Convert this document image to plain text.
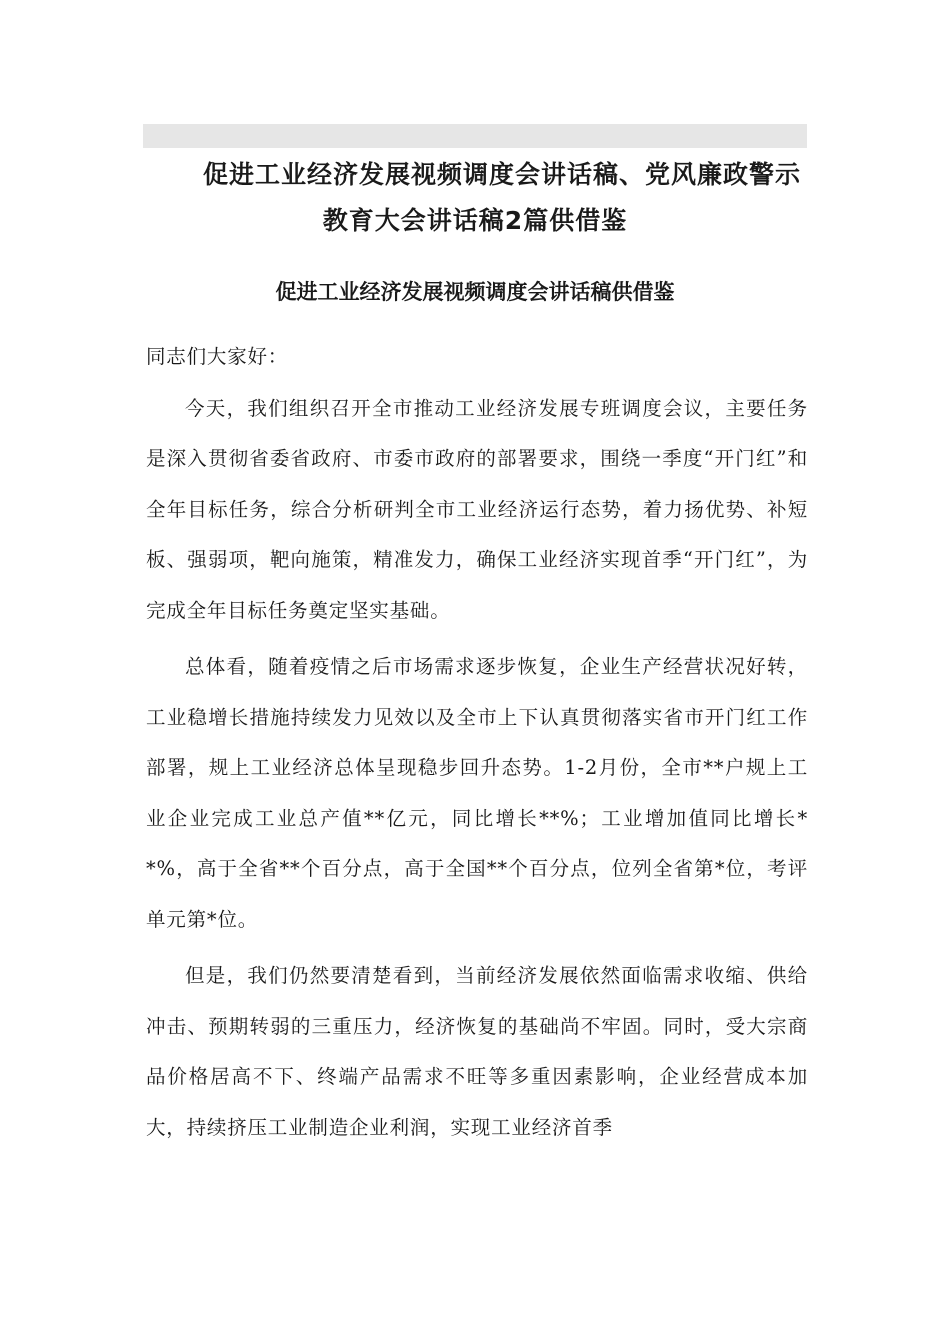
促进工业经济发展视频调度会讲话稿、党风廉政警示
教育大会讲话稿2篇供借鉴
促进工业经济发展视频调度会讲话稿供借鉴

同志们大家好：

今天，我们组织召开全市推动工业经济发展专班调度会议，主要任务是深入贯彻省委省政府、市委市政府的部署要求，围绕一季度“开门红”和全年目标任务，综合分析研判全市工业经济运行态势，着力扬优势、补短板、强弱项，靶向施策，精准发力，确保工业经济实现首季“开门红”，为完成全年目标任务奠定坚实基础。

总体看，随着疫情之后市场需求逐步恢复，企业生产经营状况好转，工业稳增长措施持续发力见效以及全市上下认真贯彻落实省市开门红工作部署，规上工业经济总体呈现稳步回升态势。1-2月份，全市**户规上工业企业完成工业总产值**亿元，同比增长**%；工业增加值同比增长**%，高于全省**个百分点，高于全国**个百分点，位列全省第*位，考评单元第*位。

但是，我们仍然要清楚看到，当前经济发展依然面临需求收缩、供给冲击、预期转弱的三重压力，经济恢复的基础尚不牢固。同时，受大宗商品价格居高不下、终端产品需求不旺等多重因素影响，企业经营成本加大，持续挤压工业制造企业利润，实现工业经济首季
